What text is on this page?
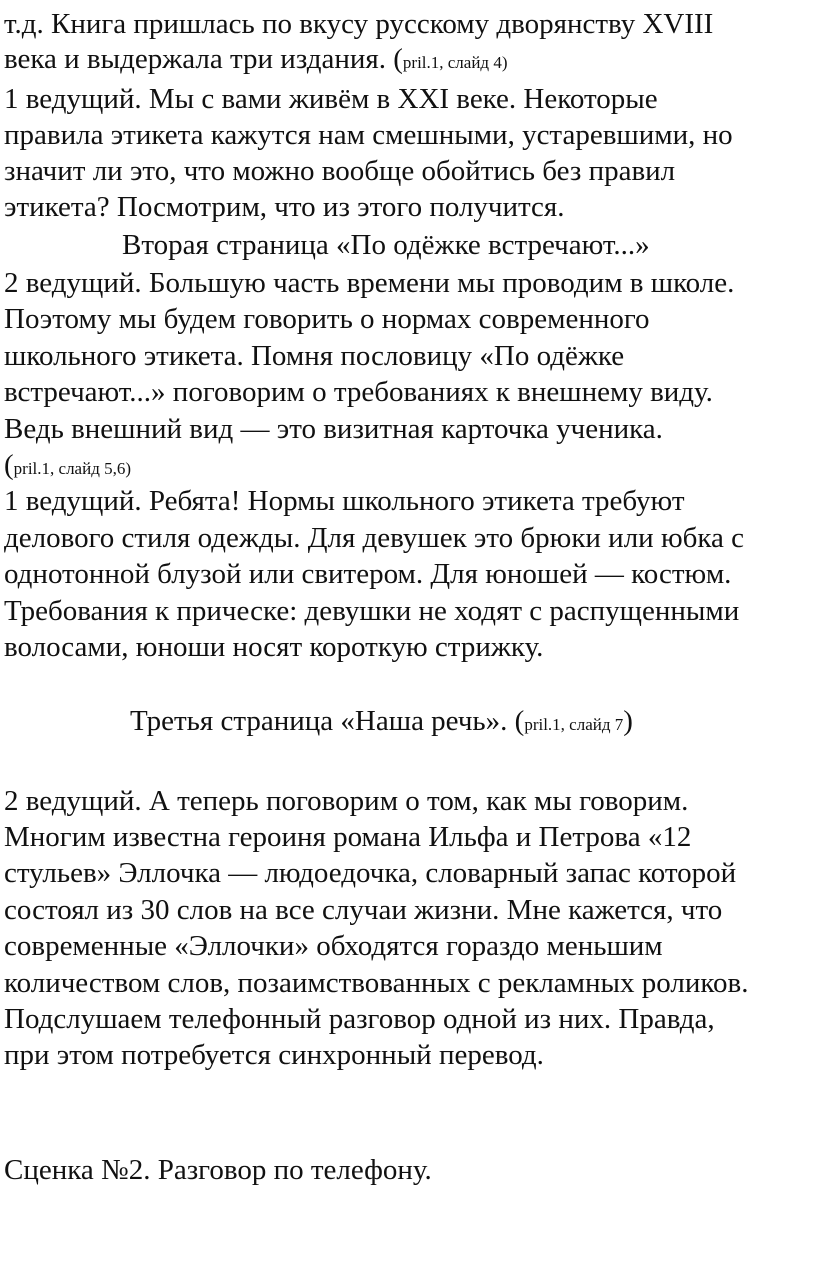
т.д. Книга пришлась по вкусу русскому дворянству XVIII
века и выдержала три издания. (pril.1, слайд 4)
1 ведущий. Мы с вами живём в XXI веке. Некоторые
правила этикета кажутся нам смешными, устаревшими, но
значит ли это, что можно вообще обойтись без правил
этикета? Посмотрим, что из этого получится.
Вторая страница «По одёжке встречают...»
2 ведущий. Большую часть времени мы проводим в школе.
Поэтому мы будем говорить о нормах современного
школьного этикета. Помня пословицу «По одёжке
встречают...» поговорим о требованиях к внешнему виду.
Ведь внешний вид — это визитная карточка ученика.
(pril.1, слайд 5,6)
1 ведущий. Ребята! Нормы школьного этикета требуют
делового стиля одежды. Для девушек это брюки или юбка с
однотонной блузой или свитером. Для юношей — костюм.
Требования к прическе: девушки не ходят с распущенными
волосами, юноши носят короткую стрижку.
Третья страница «Наша речь». (pril.1, слайд 7)
2 ведущий. А теперь поговорим о том, как мы говорим.
Многим известна героиня романа Ильфа и Петрова «12
стульев» Эллочка — людоедочка, словарный запас которой
состоял из 30 слов на все случаи жизни. Мне кажется, что
современные «Эллочки» обходятся гораздо меньшим
количеством слов, позаимствованных с рекламных роликов.
Подслушаем телефонный разговор одной из них. Правда,
при этом потребуется синхронный перевод.
Сценка №2. Разговор по телефону.
